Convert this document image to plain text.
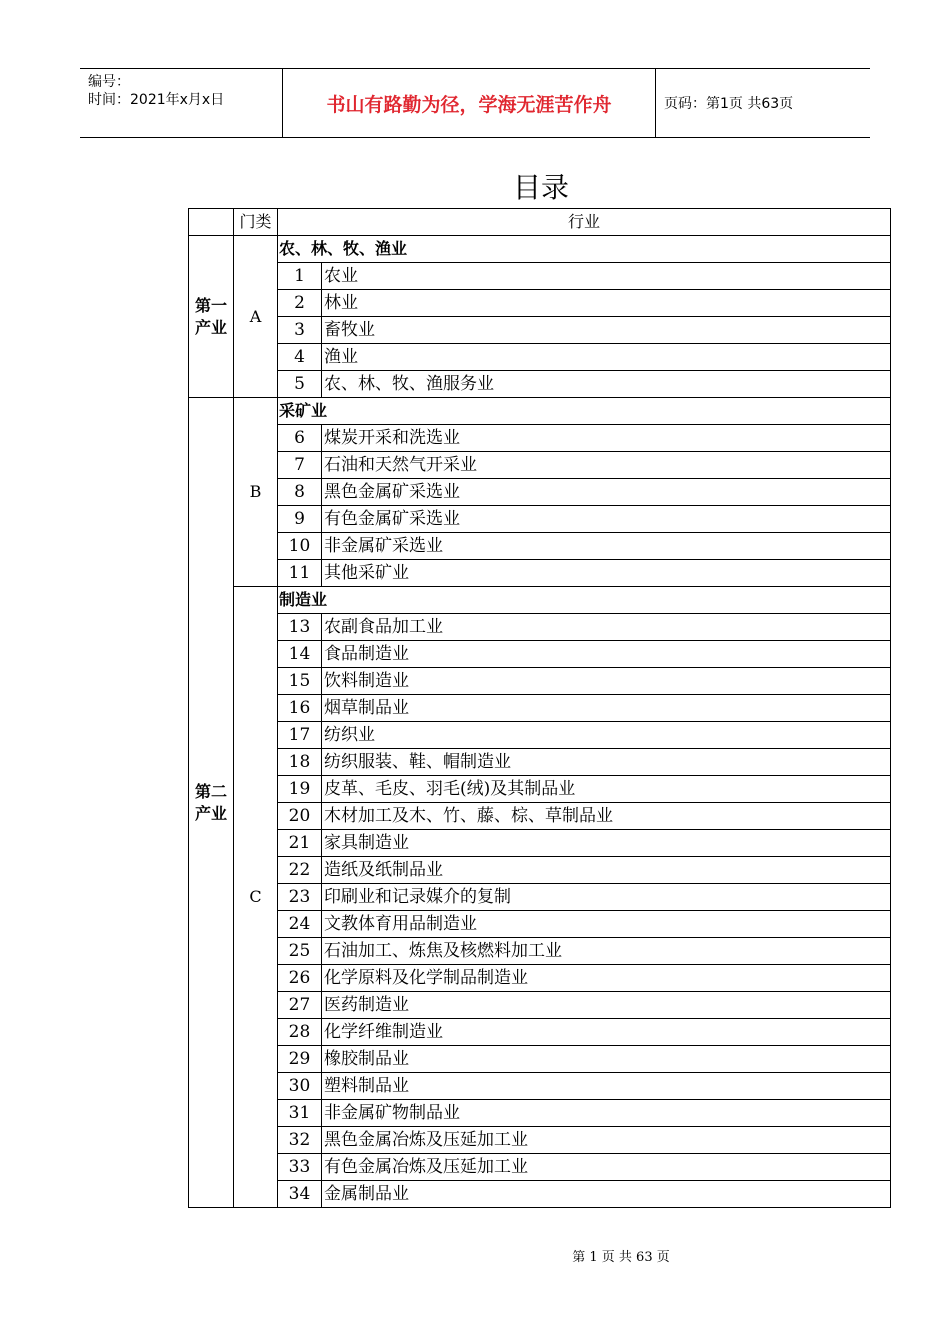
编号：
时间：2021年x月x日	书山有路勤为径，学海无涯苦作舟	页码：第1页 共63页
目录
	门类	行业	
第一
产业	A	农、林、牧、渔业	
		1	农业
		2	林业
		3	畜牧业
		4	渔业
		5	农、林、牧、渔服务业
第二
产业	B	采矿业	
		6	煤炭开采和洗选业
		7	石油和天然气开采业
		8	黑色金属矿采选业
		9	有色金属矿采选业
		10	非金属矿采选业
		11	其他采矿业
	C	制造业	
		13	农副食品加工业
		14	食品制造业
		15	饮料制造业
		16	烟草制品业
		17	纺织业
		18	纺织服装、鞋、帽制造业
		19	皮革、毛皮、羽毛(绒)及其制品业
		20	木材加工及木、竹、藤、棕、草制品业
		21	家具制造业
		22	造纸及纸制品业
		23	印刷业和记录媒介的复制
		24	文教体育用品制造业
		25	石油加工、炼焦及核燃料加工业
		26	化学原料及化学制品制造业
		27	医药制造业
		28	化学纤维制造业
		29	橡胶制品业
		30	塑料制品业
		31	非金属矿物制品业
		32	黑色金属冶炼及压延加工业
		33	有色金属冶炼及压延加工业
		34	金属制品业
第 1 页 共 63 页
